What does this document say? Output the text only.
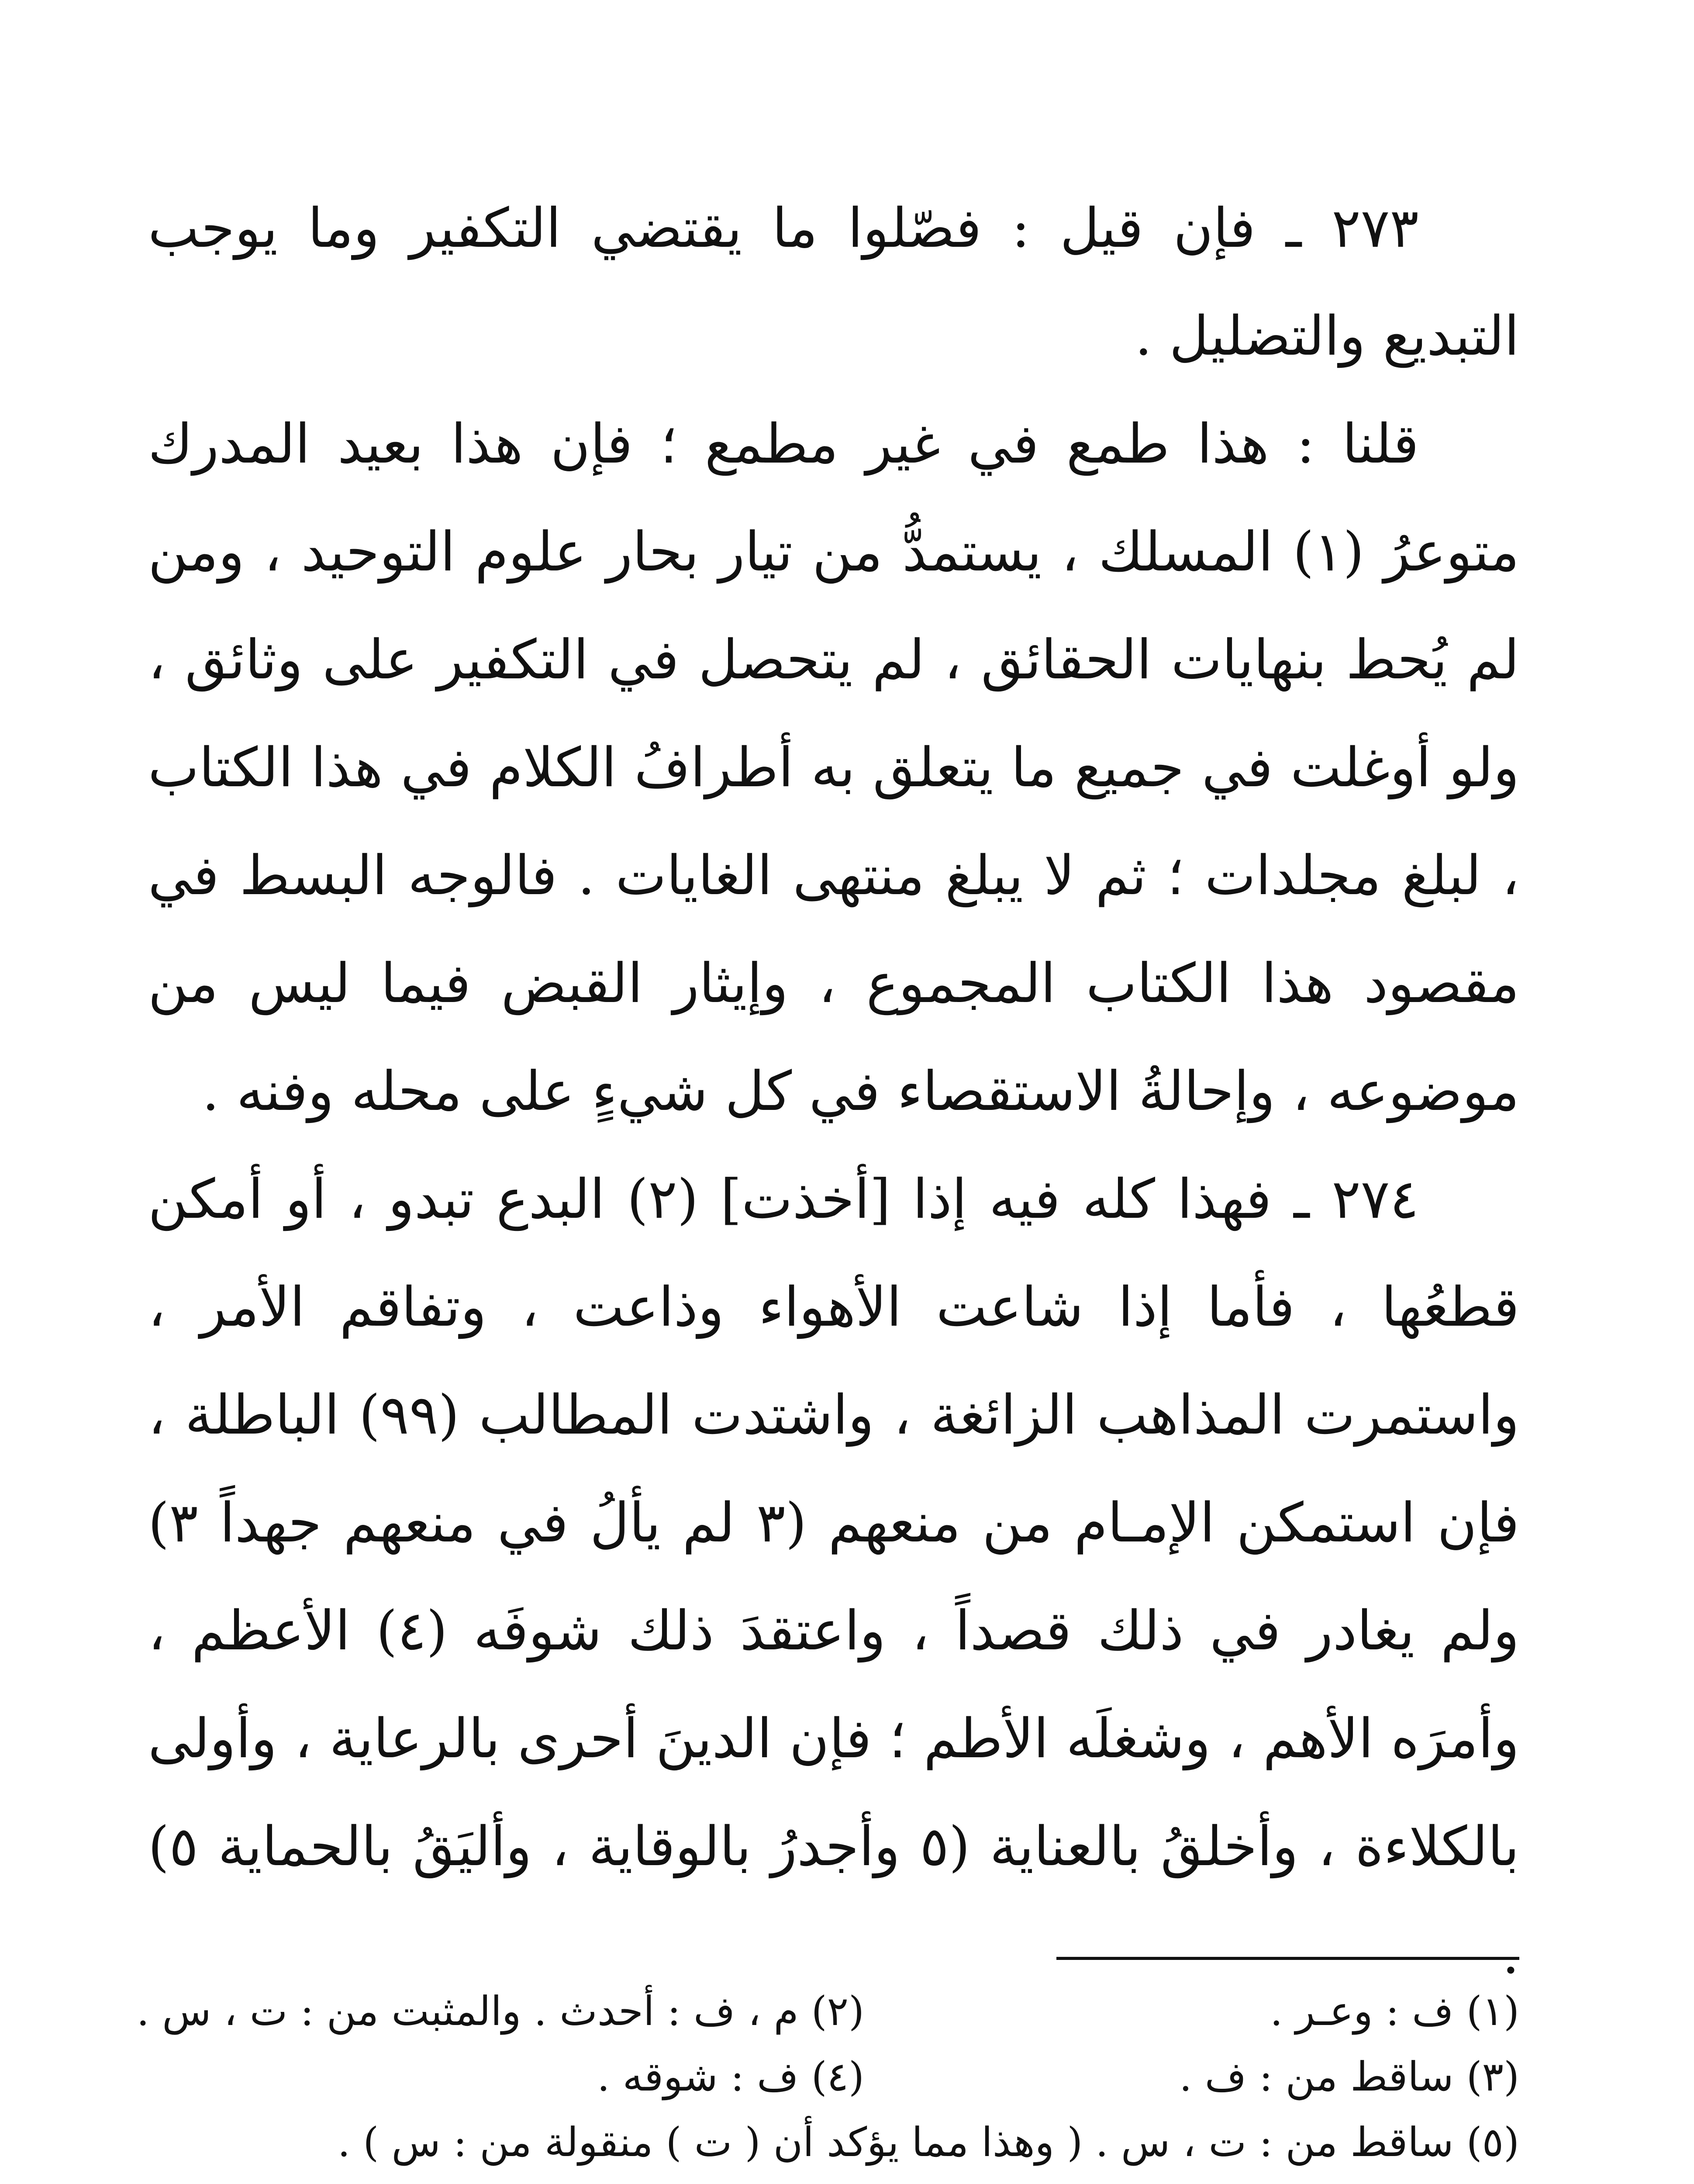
٢٧٣ ـ فإن قيل : فصّلوا ما يقتضي التكفير وما يوجب التبديع والتضليل .

قلنا : هذا طمع في غير مطمع ؛ فإن هذا بعيد المدرك متوعرُ (١) المسلك ، يستمدُّ من تيار بحار علوم التوحيد ، ومن لم يُحط بنهايات الحقائق ، لم يتحصل في التكفير على وثائق ، ولو أوغلت في جميع ما يتعلق به أطرافُ الكلام في هذا الكتاب ، لبلغ مجلدات ؛ ثم لا يبلغ منتهى الغايات . فالوجه البسط في مقصود هذا الكتاب المجموع ، وإيثار القبض فيما ليس من موضوعه ، وإحالةُ الاستقصاء في كل شيءٍ على محله وفنه .

٢٧٤ ـ فهذا كله فيه إذا [أخذت] (٢) البدع تبدو ، أو أمكن قطعُها ، فأما إذا شاعت الأهواء وذاعت ، وتفاقم الأمر ، واستمرت المذاهب الزائغة ، واشتدت المطالب (٩٩) الباطلة ، فإن استمكن الإمـام من منعهم (٣ لم يألُ في منعهم جهداً ٣) ولم يغادر في ذلك قصداً ، واعتقدَ ذلك شوفَه (٤) الأعظم ، وأمرَه الأهم ، وشغلَه الأطم ؛ فإن الدينَ أحرى بالرعاية ، وأولى بالكلاءة ، وأخلقُ بالعناية (٥ وأجدرُ بالوقاية ، وأليَقُ بالحماية ٥) .

(١) ف : وعـر .
(٢) م ، ف : أحدث . والمثبت من : ت ، س .
(٣) ساقط من : ف .
(٤) ف : شوقه .
(٥) ساقط من : ت ، س . ( وهذا مما يؤكد أن ( ت ) منقولة من : س ) .
